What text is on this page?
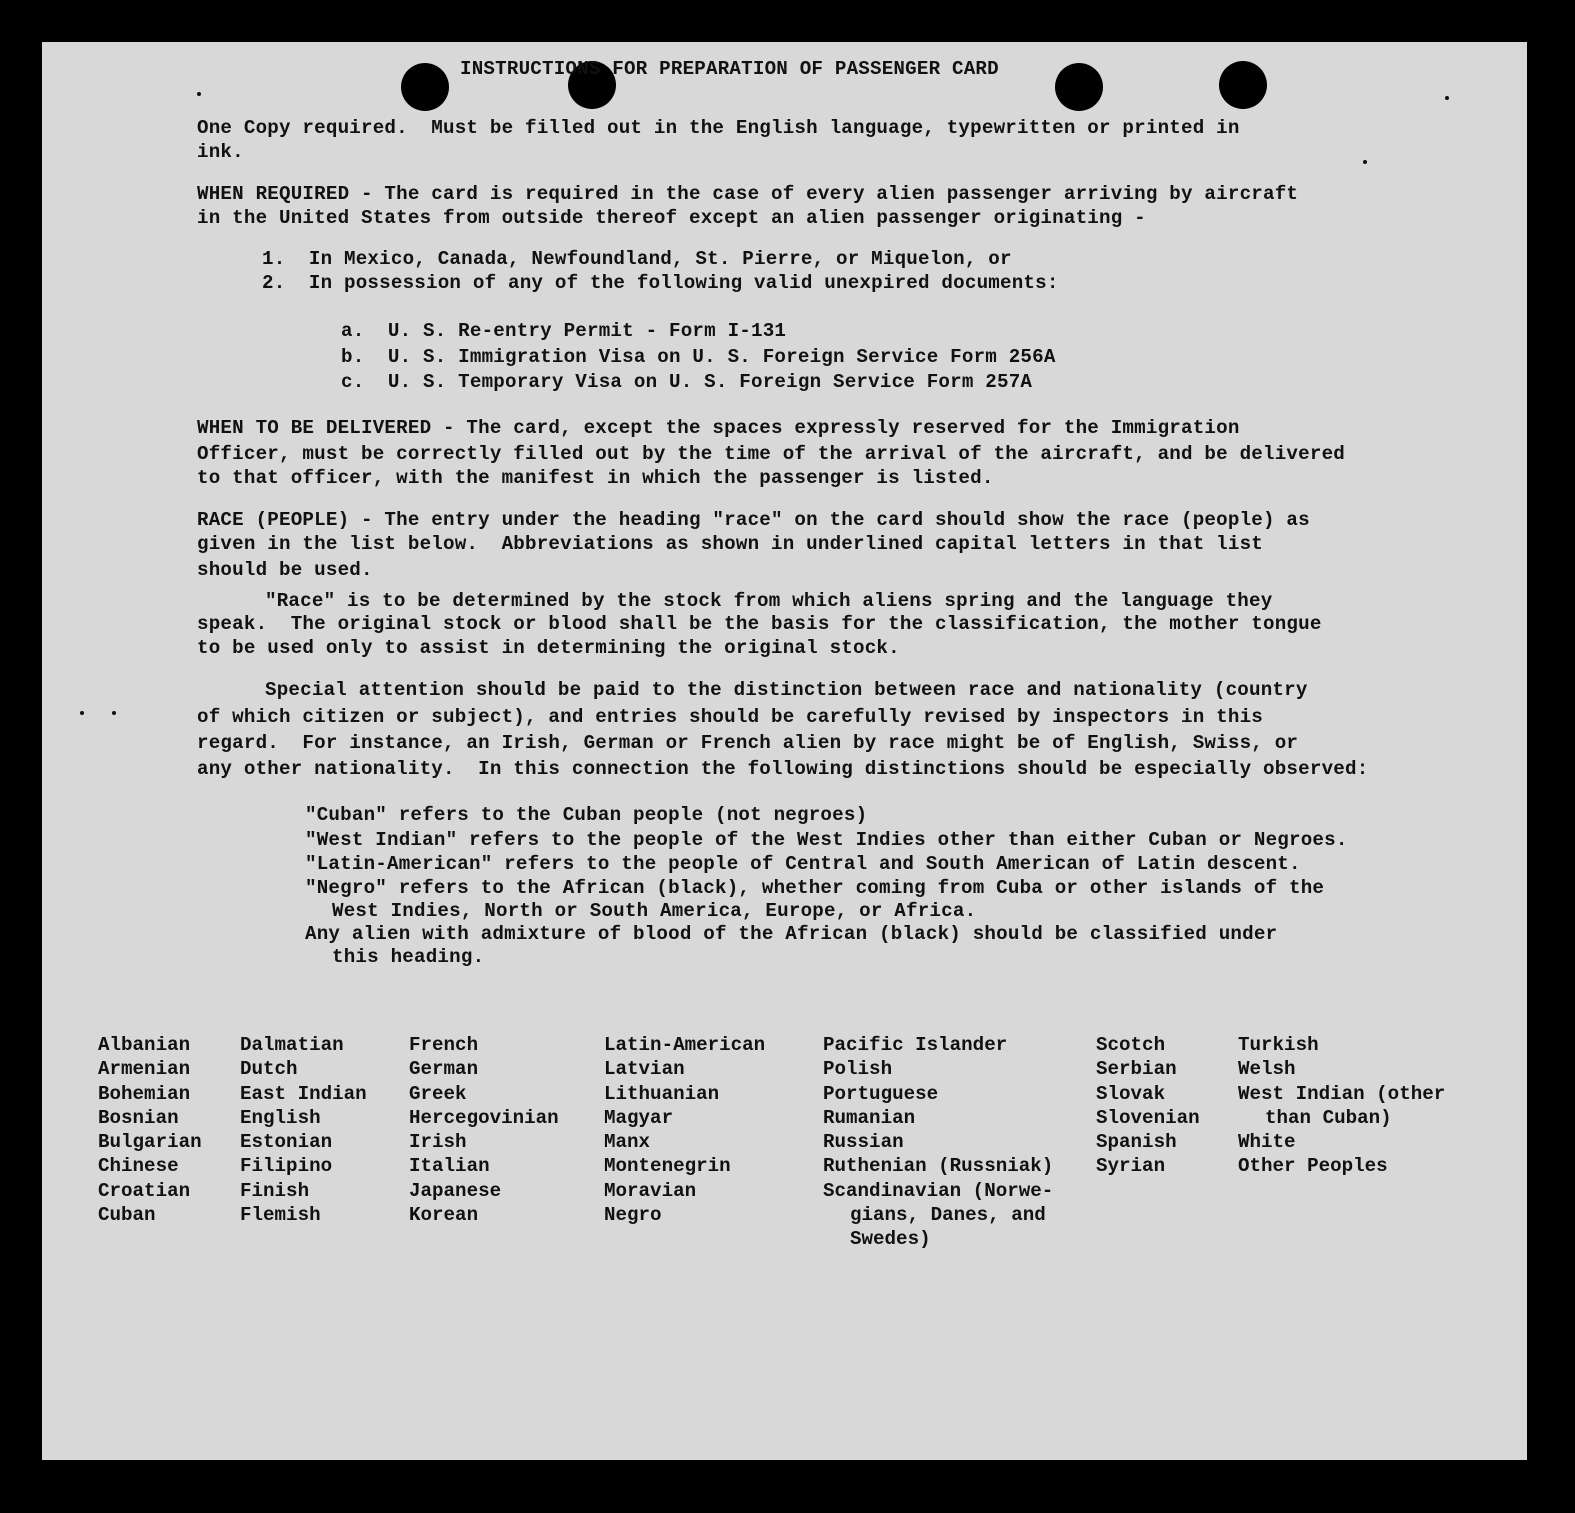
INSTRUCTIONS FOR PREPARATION OF PASSENGER CARD
One Copy required.  Must be filled out in the English language, typewritten or printed in
ink.
WHEN REQUIRED - The card is required in the case of every alien passenger arriving by aircraft
in the United States from outside thereof except an alien passenger originating -
1.  In Mexico, Canada, Newfoundland, St. Pierre, or Miquelon, or
2.  In possession of any of the following valid unexpired documents:
a.  U. S. Re-entry Permit - Form I-131
b.  U. S. Immigration Visa on U. S. Foreign Service Form 256A
c.  U. S. Temporary Visa on U. S. Foreign Service Form 257A
WHEN TO BE DELIVERED - The card, except the spaces expressly reserved for the Immigration
Officer, must be correctly filled out by the time of the arrival of the aircraft, and be delivered
to that officer, with the manifest in which the passenger is listed.
RACE (PEOPLE) - The entry under the heading "race" on the card should show the race (people) as
given in the list below.  Abbreviations as shown in underlined capital letters in that list
should be used.
"Race" is to be determined by the stock from which aliens spring and the language they
speak.  The original stock or blood shall be the basis for the classification, the mother tongue
to be used only to assist in determining the original stock.
Special attention should be paid to the distinction between race and nationality (country
of which citizen or subject), and entries should be carefully revised by inspectors in this
regard.  For instance, an Irish, German or French alien by race might be of English, Swiss, or
any other nationality.  In this connection the following distinctions should be especially observed:
"Cuban" refers to the Cuban people (not negroes)
"West Indian" refers to the people of the West Indies other than either Cuban or Negroes.
"Latin-American" refers to the people of Central and South American of Latin descent.
"Negro" refers to the African (black), whether coming from Cuba or other islands of the
West Indies, North or South America, Europe, or Africa.
Any alien with admixture of blood of the African (black) should be classified under
this heading.
Albanian
Armenian
Bohemian
Bosnian
Bulgarian
Chinese
Croatian
Cuban
Dalmatian
Dutch
East Indian
English
Estonian
Filipino
Finish
Flemish
French
German
Greek
Hercegovinian
Irish
Italian
Japanese
Korean
Latin-American
Latvian
Lithuanian
Magyar
Manx
Montenegrin
Moravian
Negro
Pacific Islander
Polish
Portuguese
Rumanian
Russian
Ruthenian (Russniak)
Scandinavian (Norwe-
gians, Danes, and
Swedes)
Scotch
Serbian
Slovak
Slovenian
Spanish
Syrian
Turkish
Welsh
West Indian (other
than Cuban)
White
Other Peoples
